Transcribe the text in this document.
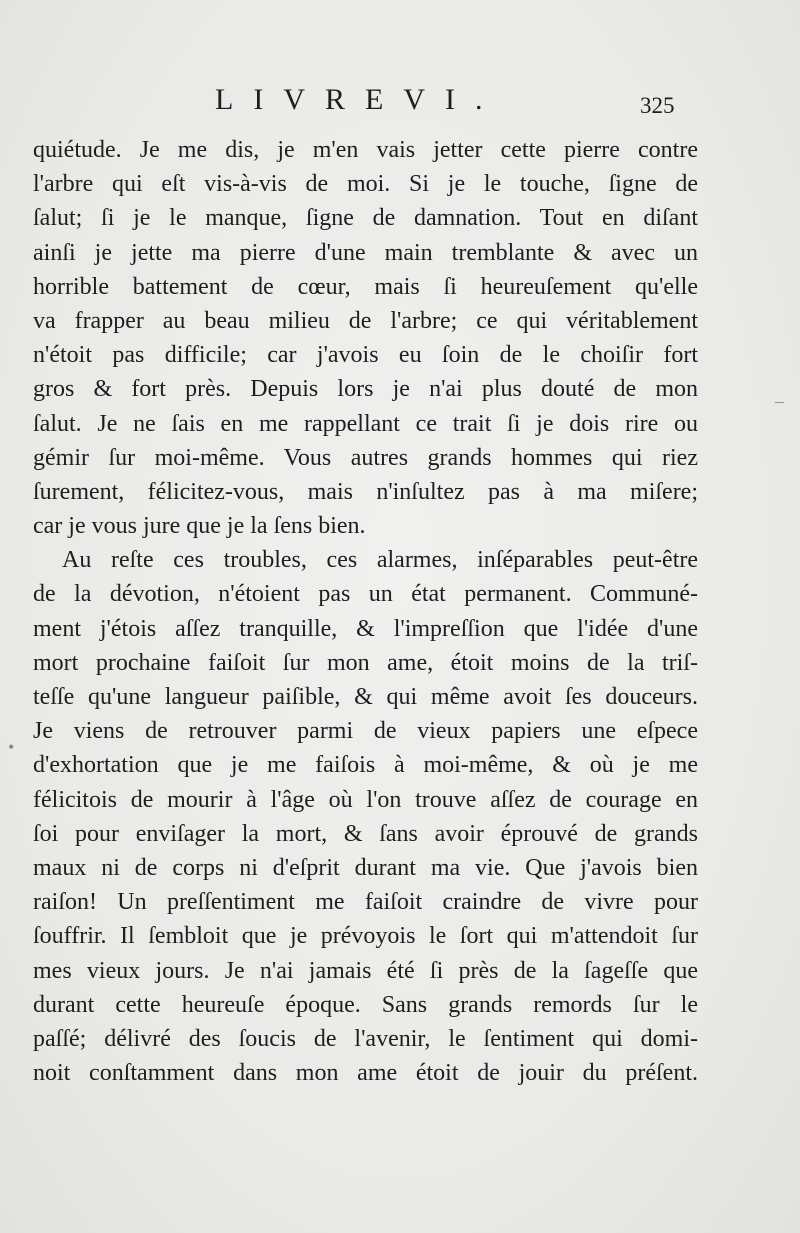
LIVREVI.	325
quiétude. Je me dis, je m'en vais jetter cette pierre contre
l'arbre qui eſt vis-à-vis de moi. Si je le touche, ſigne de
ſalut; ſi je le manque, ſigne de damnation. Tout en diſant
ainſi je jette ma pierre d'une main tremblante & avec un
horrible battement de cœur, mais ſi heureuſement qu'elle
va frapper au beau milieu de l'arbre; ce qui véritablement
n'étoit pas difficile; car j'avois eu ſoin de le choiſir fort
gros & fort près. Depuis lors je n'ai plus douté de mon
ſalut. Je ne ſais en me rappellant ce trait ſi je dois rire ou
gémir ſur moi-même. Vous autres grands hommes qui riez
ſurement, félicitez-vous, mais n'inſultez pas à ma miſere;
car je vous jure que je la ſens bien.
Au reſte ces troubles, ces alarmes, inſéparables peut-être
de la dévotion, n'étoient pas un état permanent. Communé-
ment j'étois aſſez tranquille, & l'impreſſion que l'idée d'une
mort prochaine faiſoit ſur mon ame, étoit moins de la triſ-
teſſe qu'une langueur paiſible, & qui même avoit ſes douceurs.
Je viens de retrouver parmi de vieux papiers une eſpece
d'exhortation que je me faiſois à moi-même, & où je me
félicitois de mourir à l'âge où l'on trouve aſſez de courage en
ſoi pour enviſager la mort, & ſans avoir éprouvé de grands
maux ni de corps ni d'eſprit durant ma vie. Que j'avois bien
raiſon! Un preſſentiment me faiſoit craindre de vivre pour
ſouffrir. Il ſembloit que je prévoyois le ſort qui m'attendoit ſur
mes vieux jours. Je n'ai jamais été ſi près de la ſageſſe que
durant cette heureuſe époque. Sans grands remords ſur le
paſſé; délivré des ſoucis de l'avenir, le ſentiment qui domi-
noit conſtamment dans mon ame étoit de jouir du préſent.
–
•
